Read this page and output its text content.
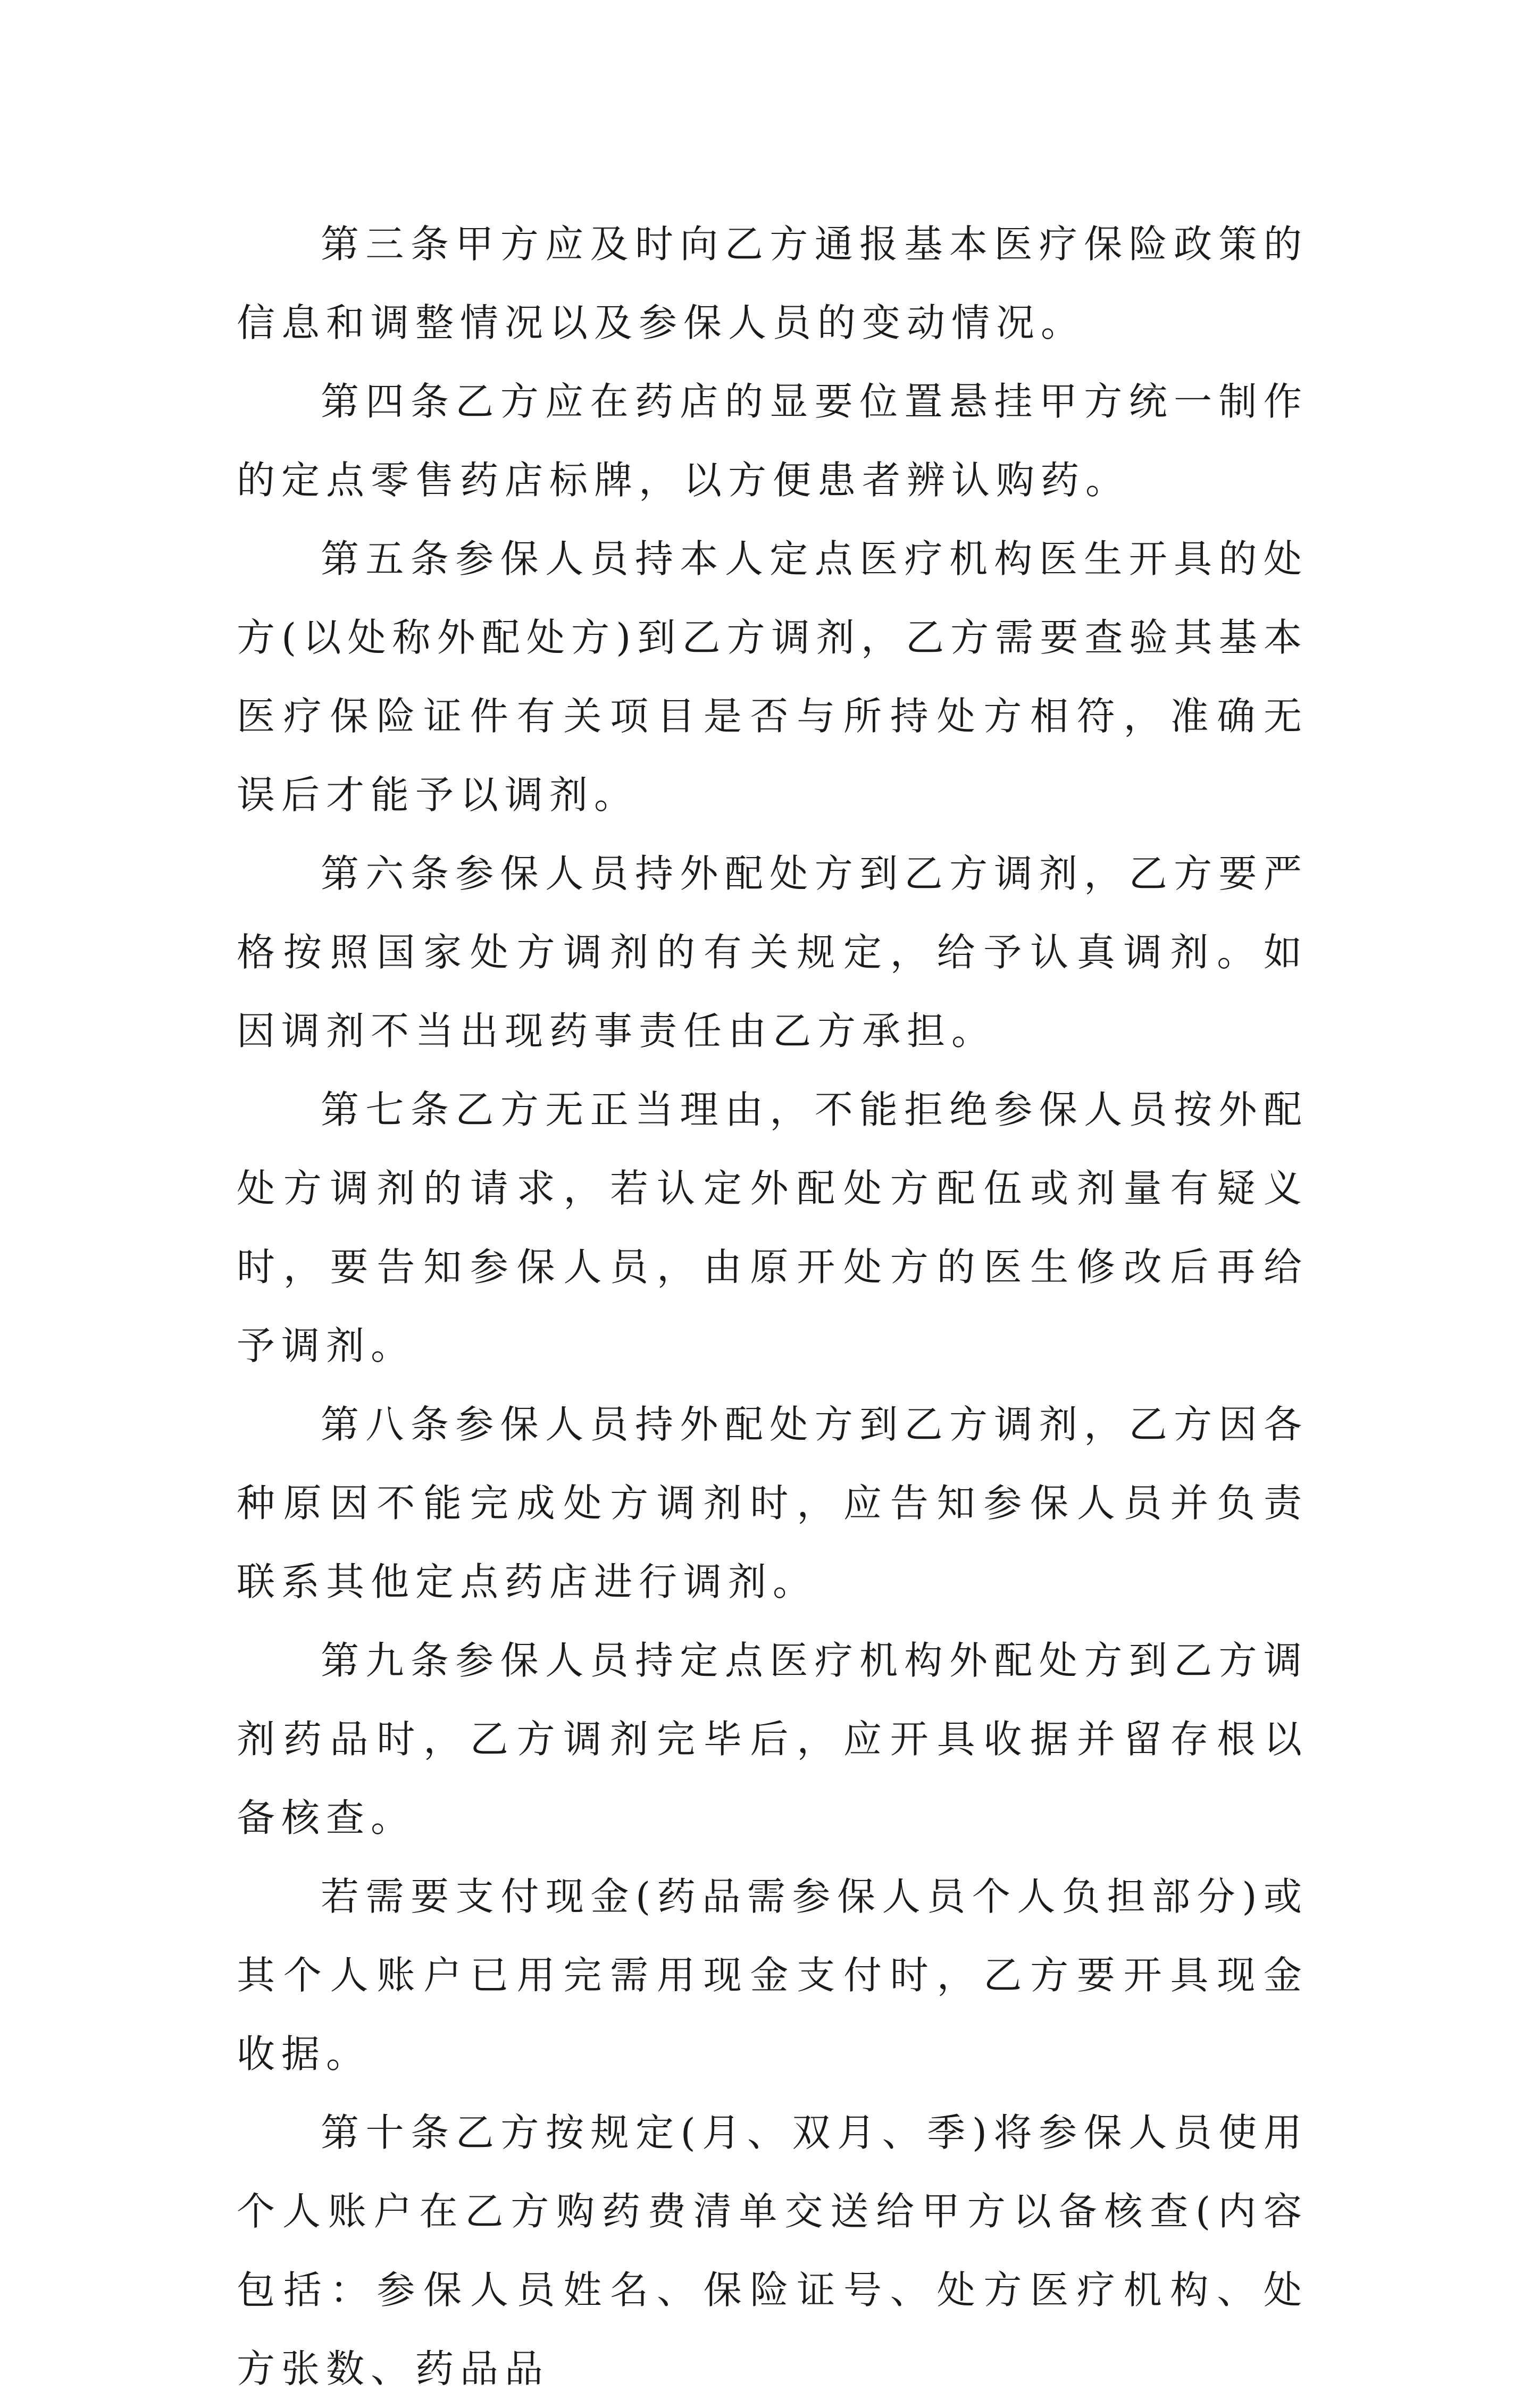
第三条甲方应及时向乙方通报基本医疗保险政策的信息和调整情况以及参保人员的变动情况。

第四条乙方应在药店的显要位置悬挂甲方统一制作的定点零售药店标牌，以方便患者辨认购药。

第五条参保人员持本人定点医疗机构医生开具的处方(以处称外配处方)到乙方调剂，乙方需要查验其基本医疗保险证件有关项目是否与所持处方相符，准确无误后才能予以调剂。

第六条参保人员持外配处方到乙方调剂，乙方要严格按照国家处方调剂的有关规定，给予认真调剂。如因调剂不当出现药事责任由乙方承担。

第七条乙方无正当理由，不能拒绝参保人员按外配处方调剂的请求，若认定外配处方配伍或剂量有疑义时，要告知参保人员，由原开处方的医生修改后再给予调剂。

第八条参保人员持外配处方到乙方调剂，乙方因各种原因不能完成处方调剂时，应告知参保人员并负责联系其他定点药店进行调剂。

第九条参保人员持定点医疗机构外配处方到乙方调剂药品时，乙方调剂完毕后，应开具收据并留存根以备核查。

若需要支付现金(药品需参保人员个人负担部分)或其个人账户已用完需用现金支付时，乙方要开具现金收据。

第十条乙方按规定(月、双月、季)将参保人员使用个人账户在乙方购药费清单交送给甲方以备核查(内容包括：参保人员姓名、保险证号、处方医疗机构、处方张数、药品品
